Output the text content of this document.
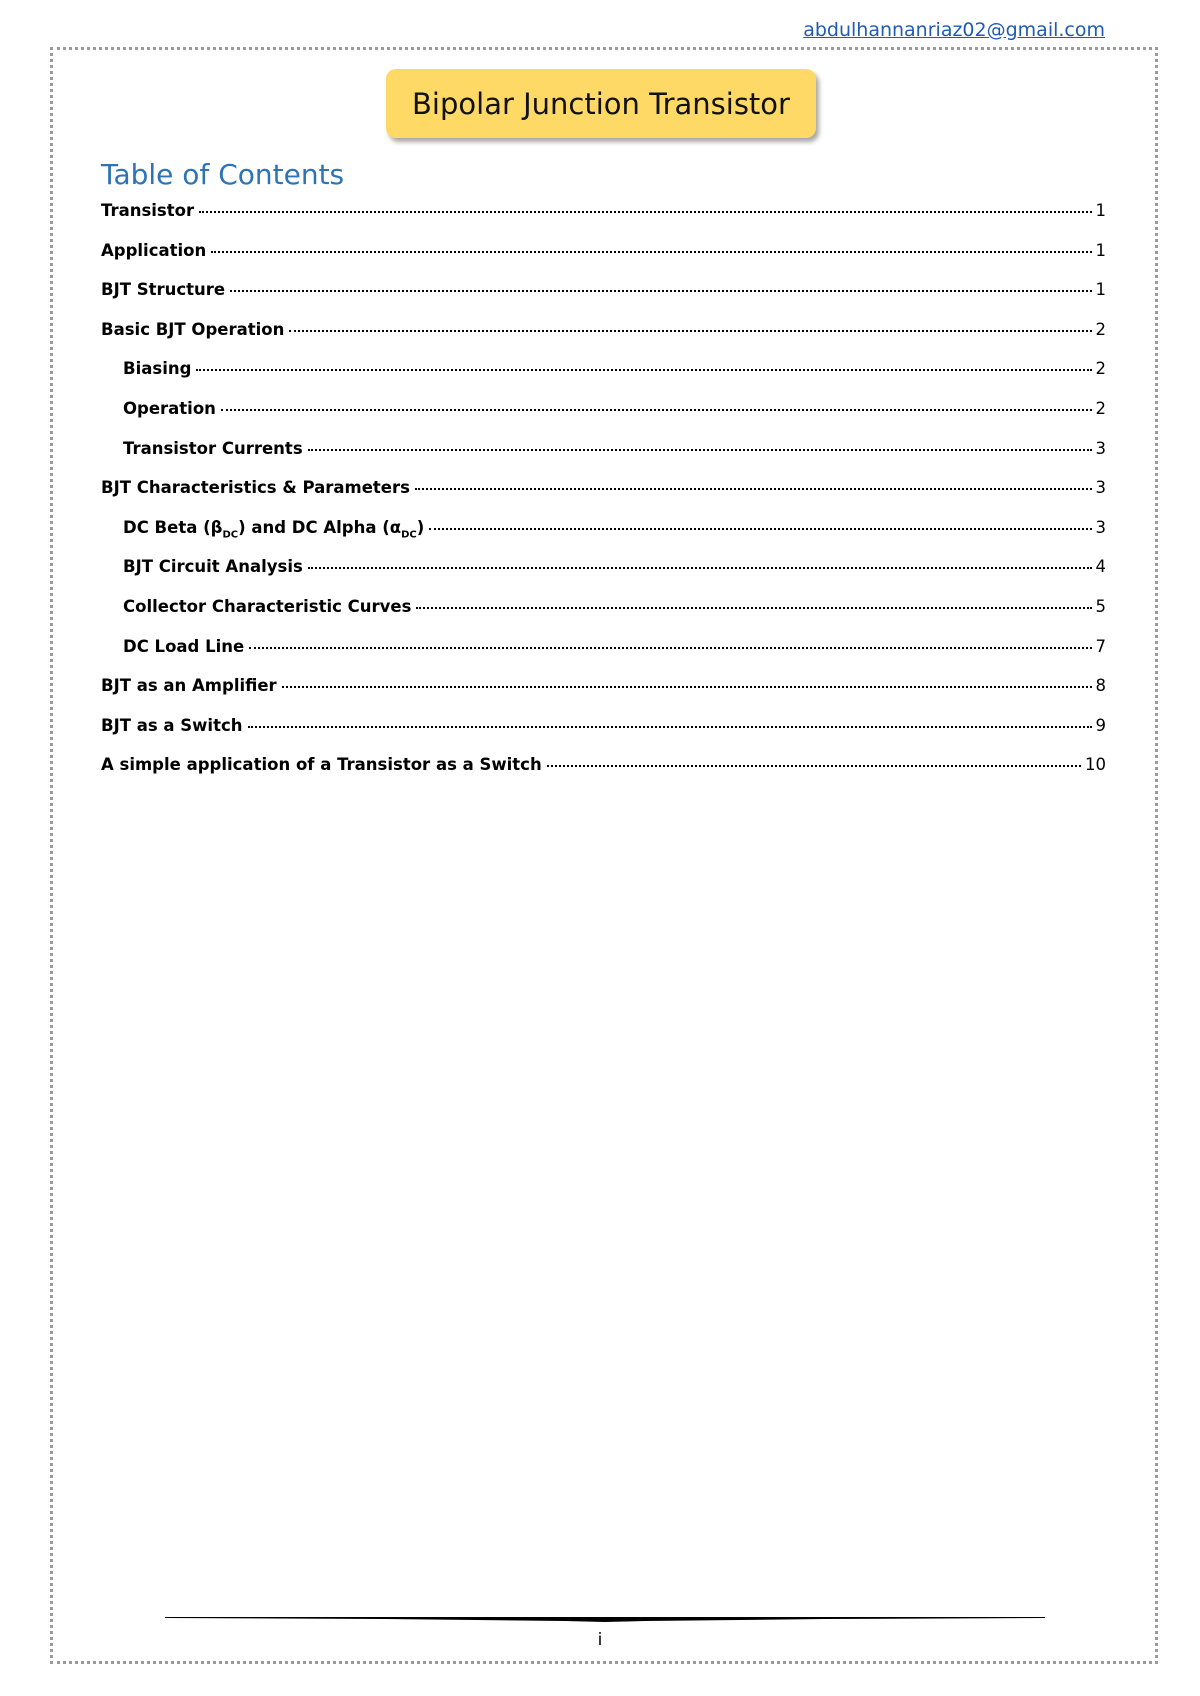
abdulhannanriaz02@gmail.com
Bipolar Junction Transistor
Table of Contents
Transistor	1
Application	1
BJT Structure	1
Basic BJT Operation	2
Biasing	2
Operation	2
Transistor Currents	3
BJT Characteristics & Parameters	3
DC Beta $(\beta_{DC})$ and DC Alpha $(\alpha_{DC})$	3
BJT Circuit Analysis	4
Collector Characteristic Curves	5
DC Load Line	7
BJT as an Amplifier	8
BJT as a Switch	9
A simple application of a Transistor as a Switch	10
i
